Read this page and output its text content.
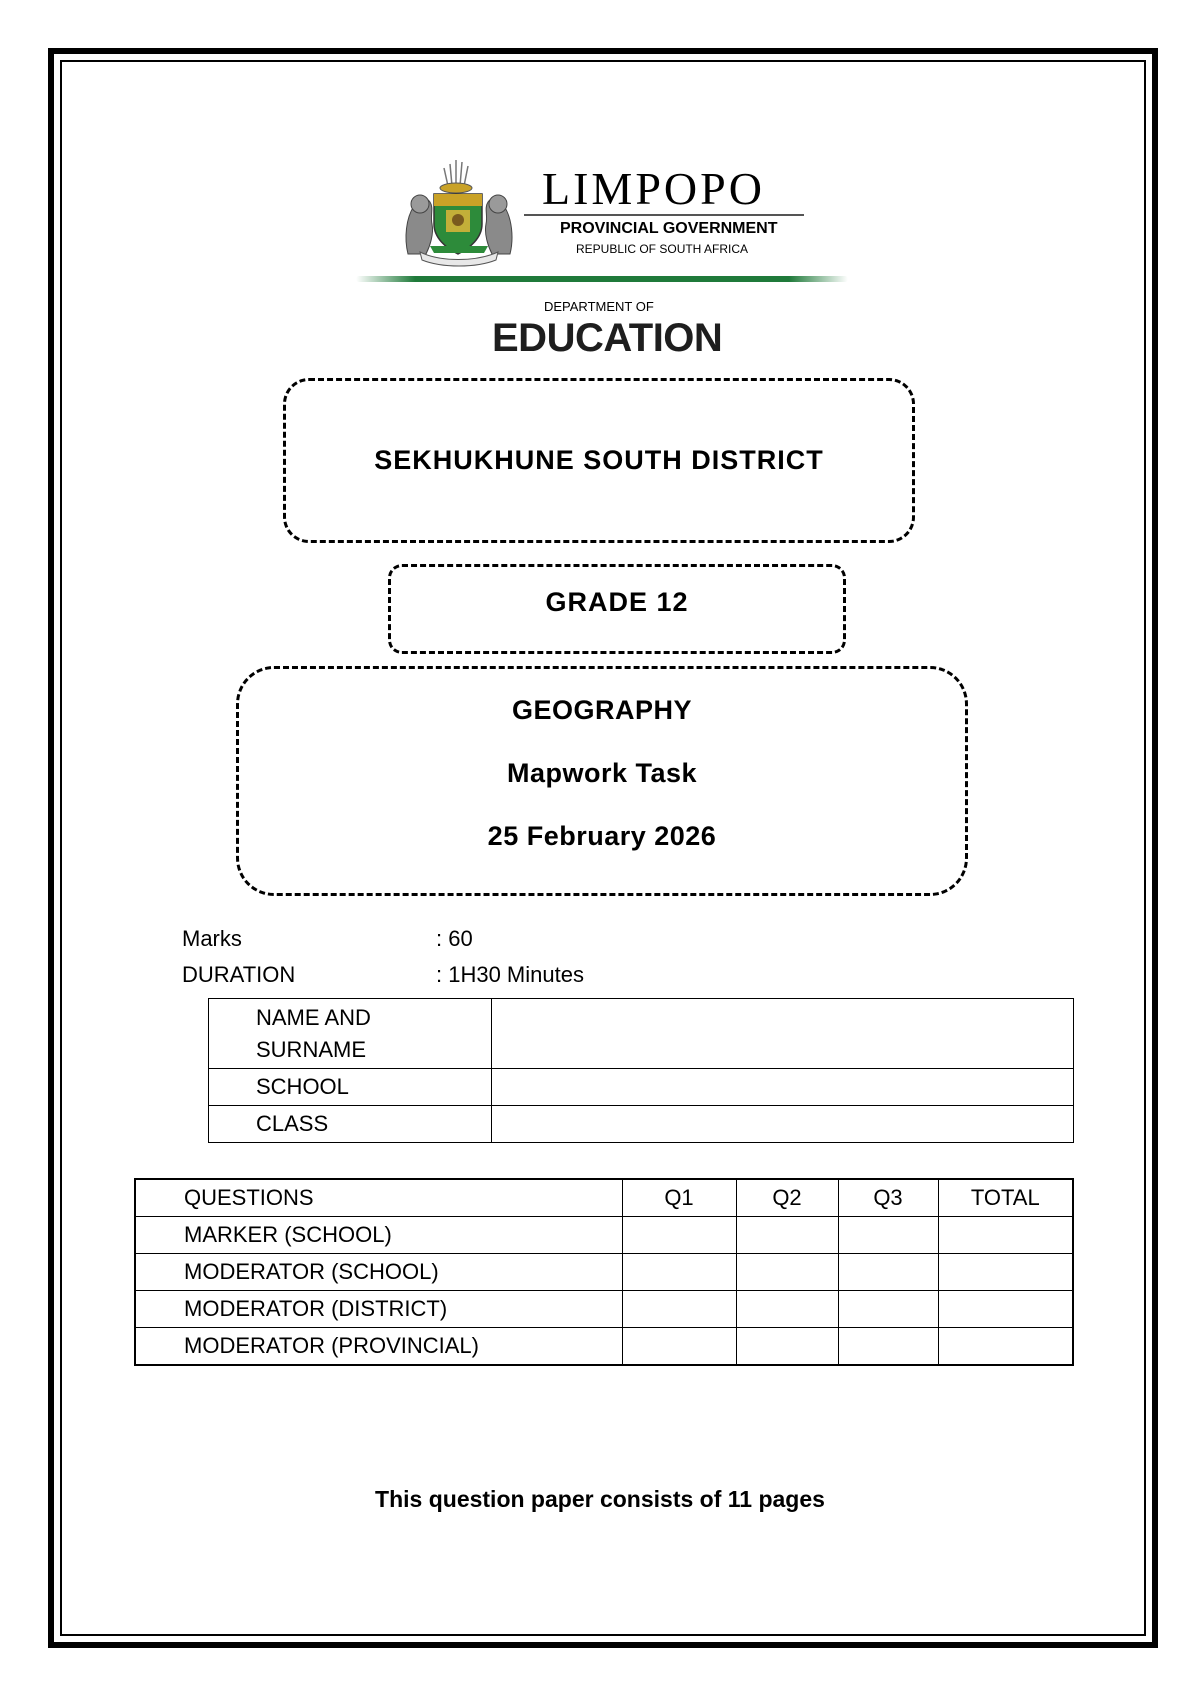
LIMPOPO
PROVINCIAL GOVERNMENT
REPUBLIC OF SOUTH AFRICA
DEPARTMENT OF
EDUCATION
SEKHUKHUNE SOUTH DISTRICT
GRADE 12
GEOGRAPHY
Mapwork Task
25 February 2026
Marks	: 60
DURATION	: 1H30 Minutes
NAME AND
SURNAME	

SCHOOL	
CLASS	
QUESTIONS	Q1	Q2	Q3	TOTAL
MARKER (SCHOOL)				
MODERATOR (SCHOOL)				
MODERATOR (DISTRICT)				
MODERATOR (PROVINCIAL)				
This question paper consists of 11 pages
